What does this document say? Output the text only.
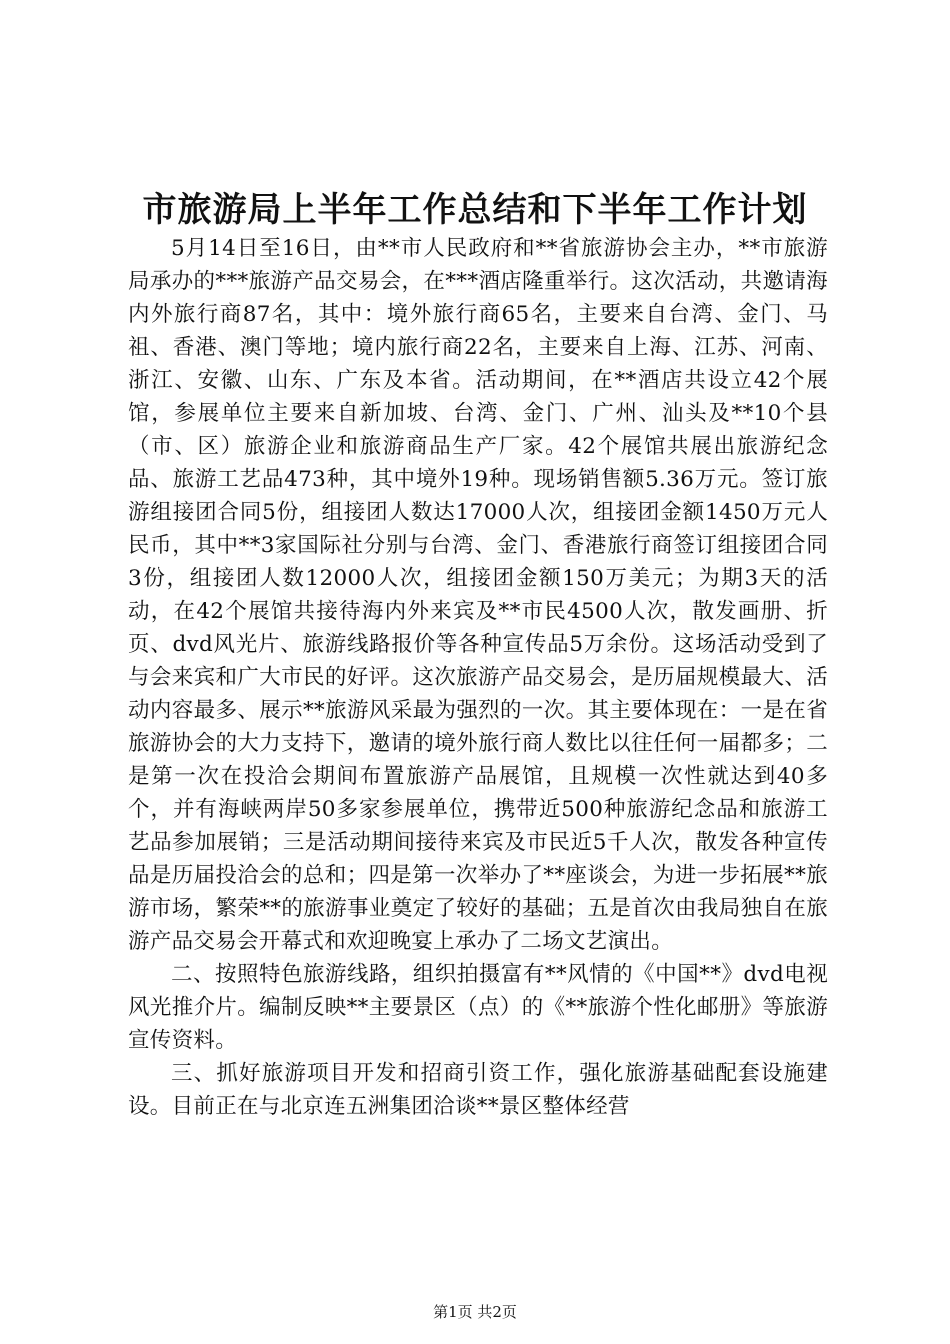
市旅游局上半年工作总结和下半年工作计划

5月14日至16日，由**市人民政府和**省旅游协会主办，**市旅游局承办的***旅游产品交易会，在***酒店隆重举行。这次活动，共邀请海内外旅行商87名，其中：境外旅行商65名，主要来自台湾、金门、马祖、香港、澳门等地；境内旅行商22名，主要来自上海、江苏、河南、浙江、安徽、山东、广东及本省。活动期间，在**酒店共设立42个展馆，参展单位主要来自新加坡、台湾、金门、广州、汕头及**10个县（市、区）旅游企业和旅游商品生产厂家。42个展馆共展出旅游纪念品、旅游工艺品473种，其中境外19种。现场销售额5.36万元。签订旅游组接团合同5份，组接团人数达17000人次，组接团金额1450万元人民币，其中**3家国际社分别与台湾、金门、香港旅行商签订组接团合同3份，组接团人数12000人次，组接团金额150万美元；为期3天的活动，在42个展馆共接待海内外来宾及**市民4500人次，散发画册、折页、dvd风光片、旅游线路报价等各种宣传品5万余份。这场活动受到了与会来宾和广大市民的好评。这次旅游产品交易会，是历届规模最大、活动内容最多、展示**旅游风采最为强烈的一次。其主要体现在：一是在省旅游协会的大力支持下，邀请的境外旅行商人数比以往任何一届都多；二是第一次在投洽会期间布置旅游产品展馆，且规模一次性就达到40多个，并有海峡两岸50多家参展单位，携带近500种旅游纪念品和旅游工艺品参加展销；三是活动期间接待来宾及市民近5千人次，散发各种宣传品是历届投洽会的总和；四是第一次举办了**座谈会，为进一步拓展**旅游市场，繁荣**的旅游事业奠定了较好的基础；五是首次由我局独自在旅游产品交易会开幕式和欢迎晚宴上承办了二场文艺演出。

二、按照特色旅游线路，组织拍摄富有**风情的《中国**》dvd电视风光推介片。编制反映**主要景区（点）的《**旅游个性化邮册》等旅游宣传资料。

三、抓好旅游项目开发和招商引资工作，强化旅游基础配套设施建设。目前正在与北京连五洲集团洽谈**景区整体经营

第1页 共2页
